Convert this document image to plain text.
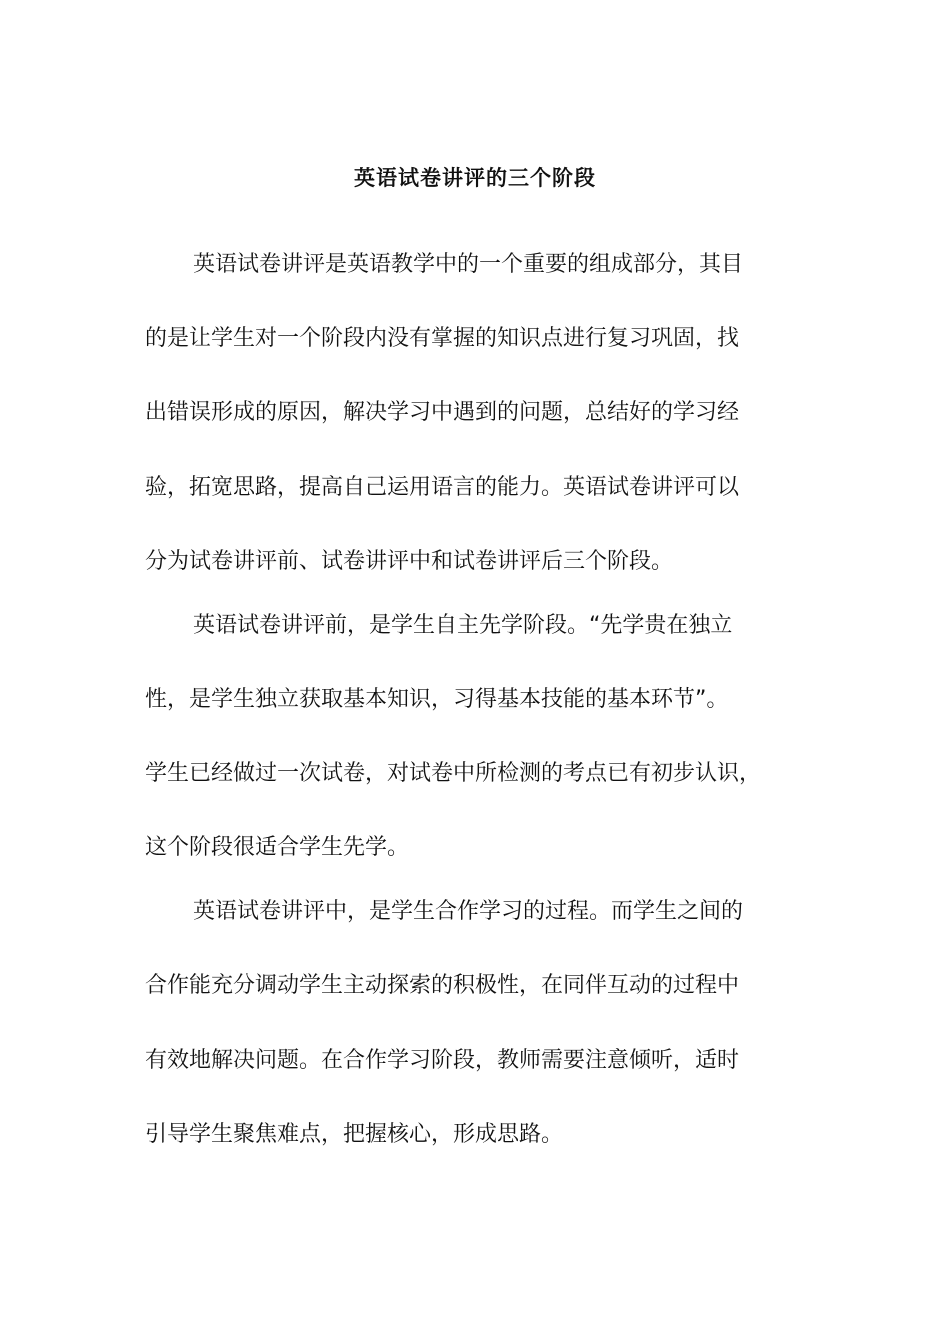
英语试卷讲评的三个阶段

英语试卷讲评是英语教学中的一个重要的组成部分，其目

的是让学生对一个阶段内没有掌握的知识点进行复习巩固，找

出错误形成的原因，解决学习中遇到的问题，总结好的学习经

验，拓宽思路，提高自己运用语言的能力。英语试卷讲评可以

分为试卷讲评前、试卷讲评中和试卷讲评后三个阶段。

英语试卷讲评前，是学生自主先学阶段。“先学贵在独立

性，是学生独立获取基本知识，习得基本技能的基本环节”。

学生已经做过一次试卷，对试卷中所检测的考点已有初步认识，

这个阶段很适合学生先学。

英语试卷讲评中，是学生合作学习的过程。而学生之间的

合作能充分调动学生主动探索的积极性，在同伴互动的过程中

有效地解决问题。在合作学习阶段，教师需要注意倾听，适时

引导学生聚焦难点，把握核心，形成思路。
